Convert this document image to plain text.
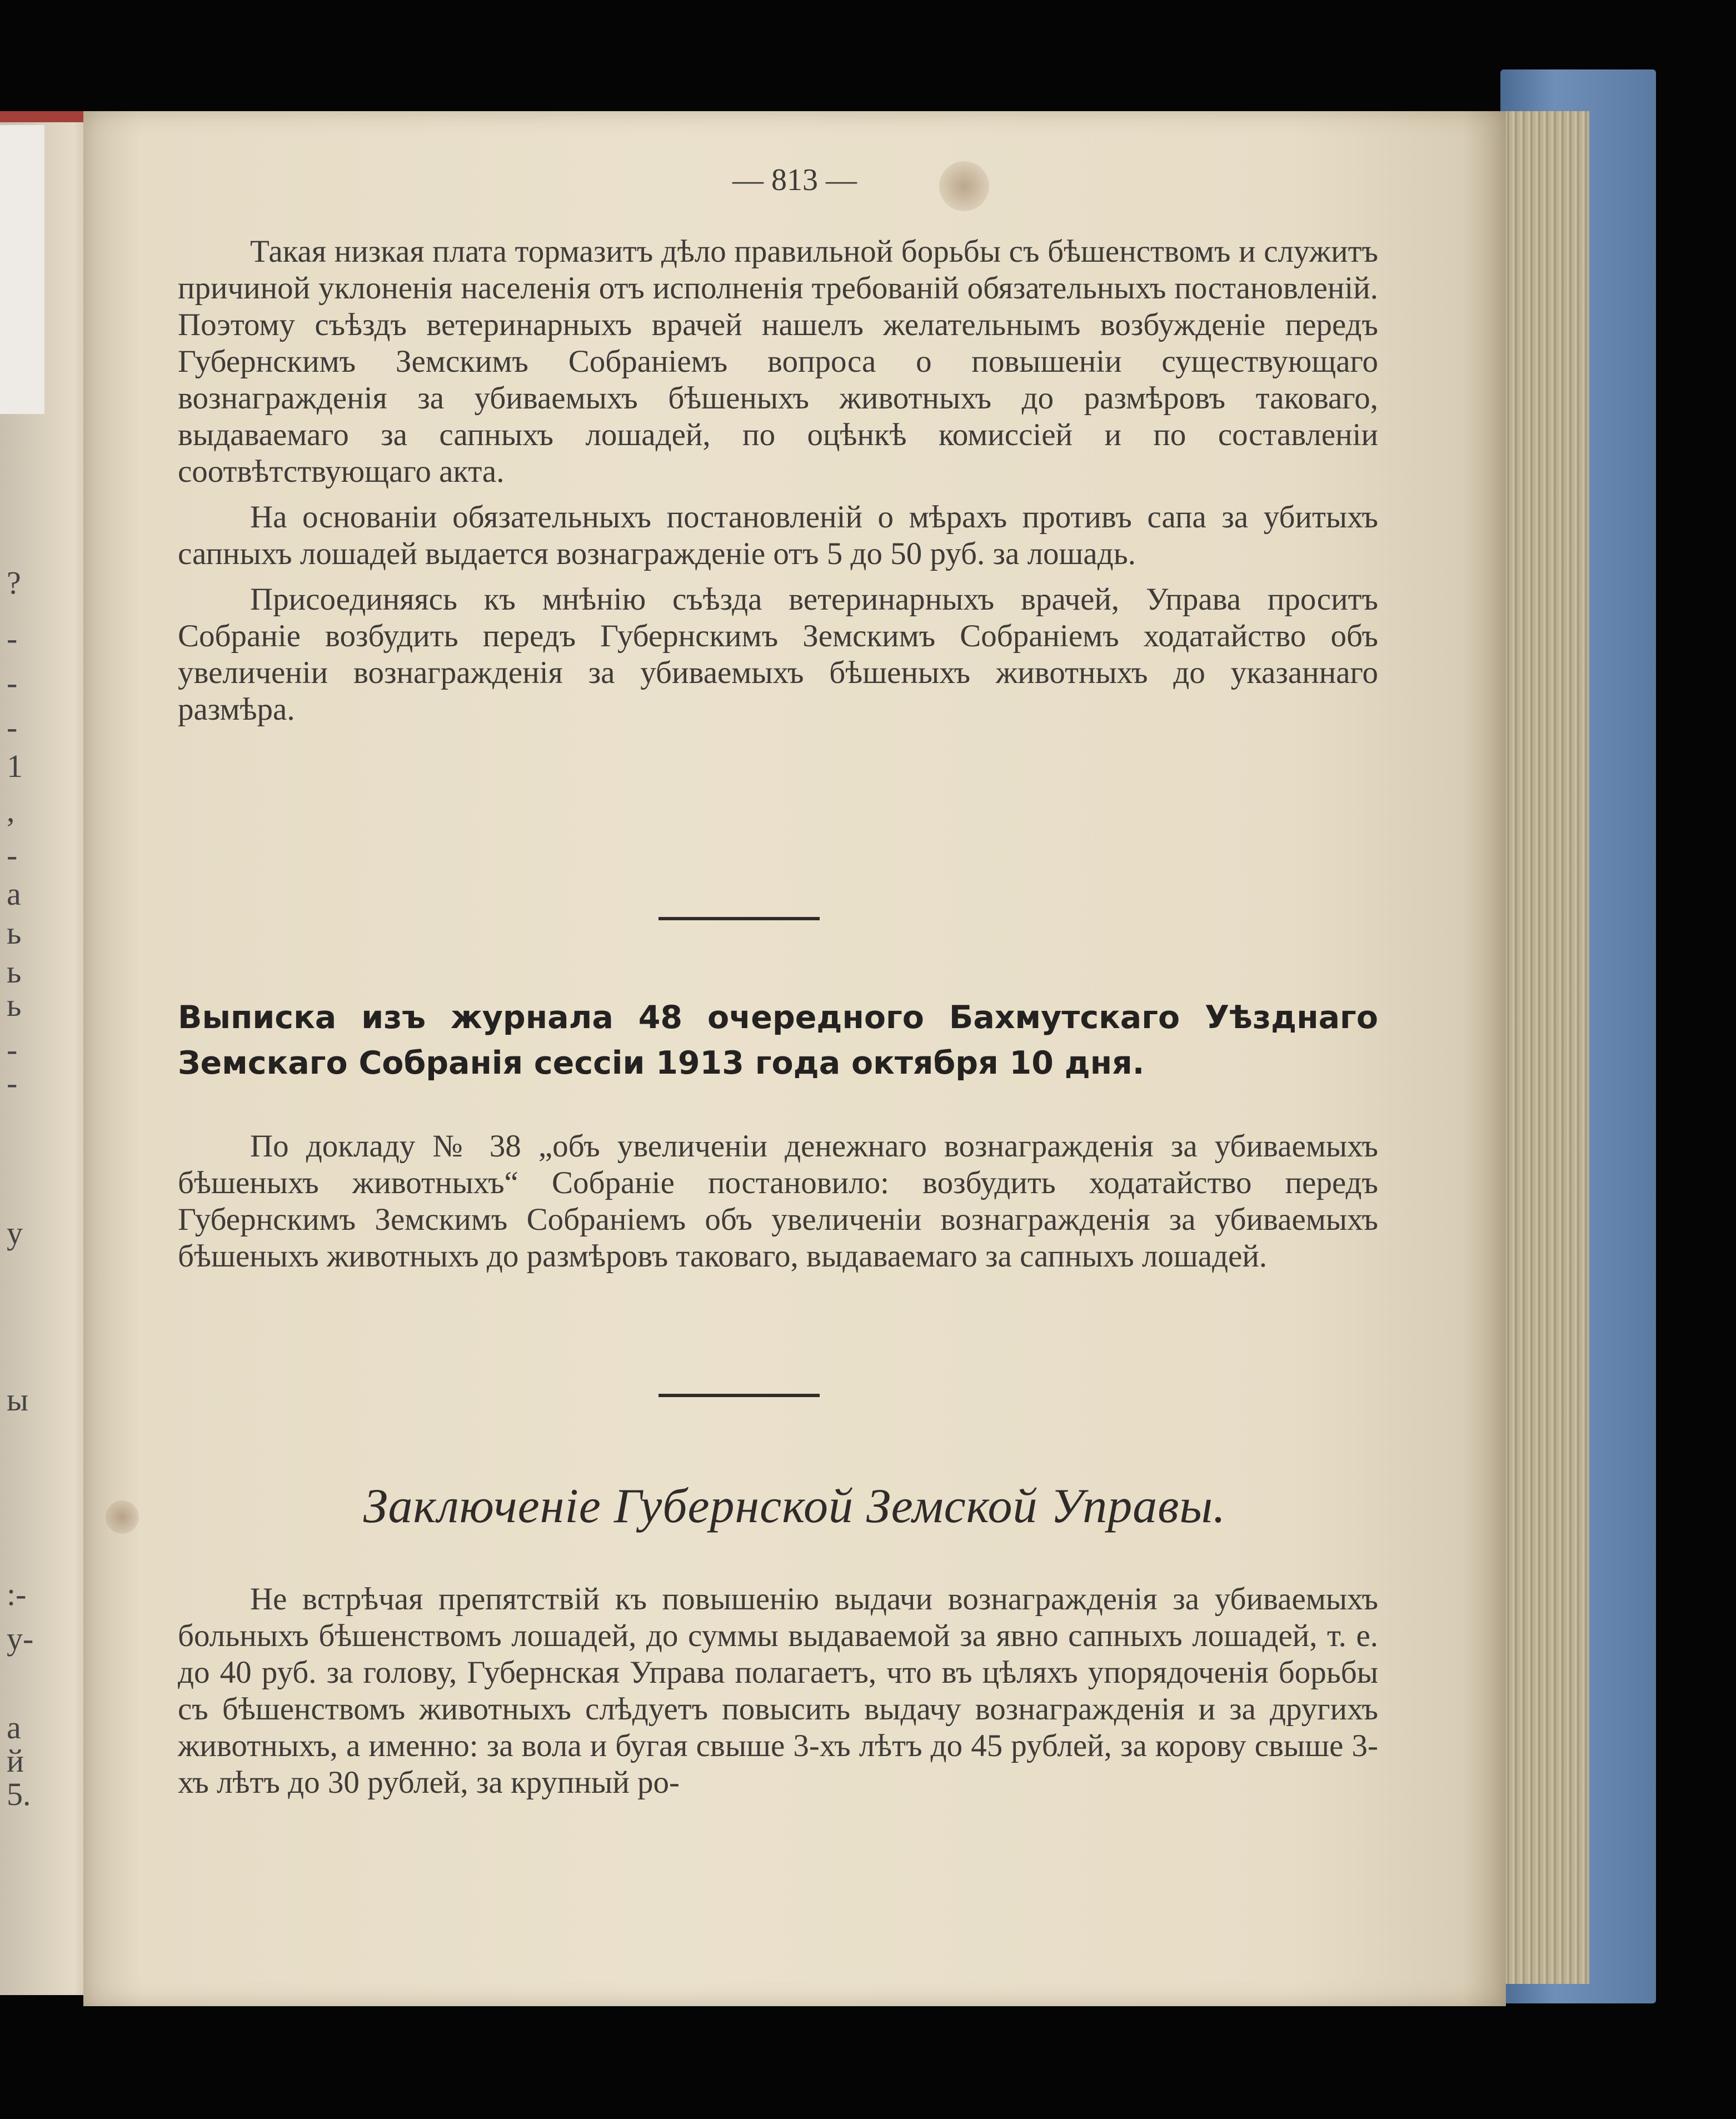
?
-
-
-
1
,
-
a
ь
ь
ь
-
-
y
ы
:-
y-
a
й
5.
— 813 —

Такая низкая плата тормазитъ дѣло правильной борьбы съ бѣшенствомъ и служитъ причиной уклоненія населенія отъ исполненія требованій обязательныхъ постановленій. Поэтому съѣздъ ветеринарныхъ врачей нашелъ желательнымъ возбужденіе передъ Губернскимъ Земскимъ Собраніемъ вопроса о повышеніи существующаго вознагражденія за убиваемыхъ бѣшеныхъ животныхъ до размѣровъ таковаго, выдаваемаго за сапныхъ лошадей, по оцѣнкѣ комиссіей и по составленіи соотвѣтствующаго акта.

На основаніи обязательныхъ постановленій о мѣрахъ противъ сапа за убитыхъ сапныхъ лошадей выдается вознагражденіе отъ 5 до 50 руб. за лошадь.

Присоединяясь къ мнѣнію съѣзда ветеринарныхъ врачей, Управа проситъ Собраніе возбудить передъ Губернскимъ Земскимъ Собраніемъ ходатайство объ увеличеніи вознагражденія за убиваемыхъ бѣшеныхъ животныхъ до указаннаго размѣра.

Выписка изъ журнала 48 очередного Бахмутскаго Уѣзднаго Земскаго Собранія сессіи 1913 года октября 10 дня.

По докладу № 38 „объ увеличеніи денежнаго вознагражденія за убиваемыхъ бѣшеныхъ животныхъ“ Собраніе постановило: возбудить ходатайство передъ Губернскимъ Земскимъ Собраніемъ объ увеличеніи вознагражденія за убиваемыхъ бѣшеныхъ животныхъ до размѣровъ таковаго, выдаваемаго за сапныхъ лошадей.

Заключеніе Губернской Земской Управы.

Не встрѣчая препятствій къ повышенію выдачи вознагражденія за убиваемыхъ больныхъ бѣшенствомъ лошадей, до суммы выдаваемой за явно сапныхъ лошадей, т. е. до 40 руб. за голову, Губернская Управа полагаетъ, что въ цѣляхъ упорядоченія борьбы съ бѣшенствомъ животныхъ слѣдуетъ повысить выдачу вознагражденія и за другихъ животныхъ, а именно: за вола и бугая свыше 3-хъ лѣтъ до 45 рублей, за корову свыше 3-хъ лѣтъ до 30 рублей, за крупный ро-
